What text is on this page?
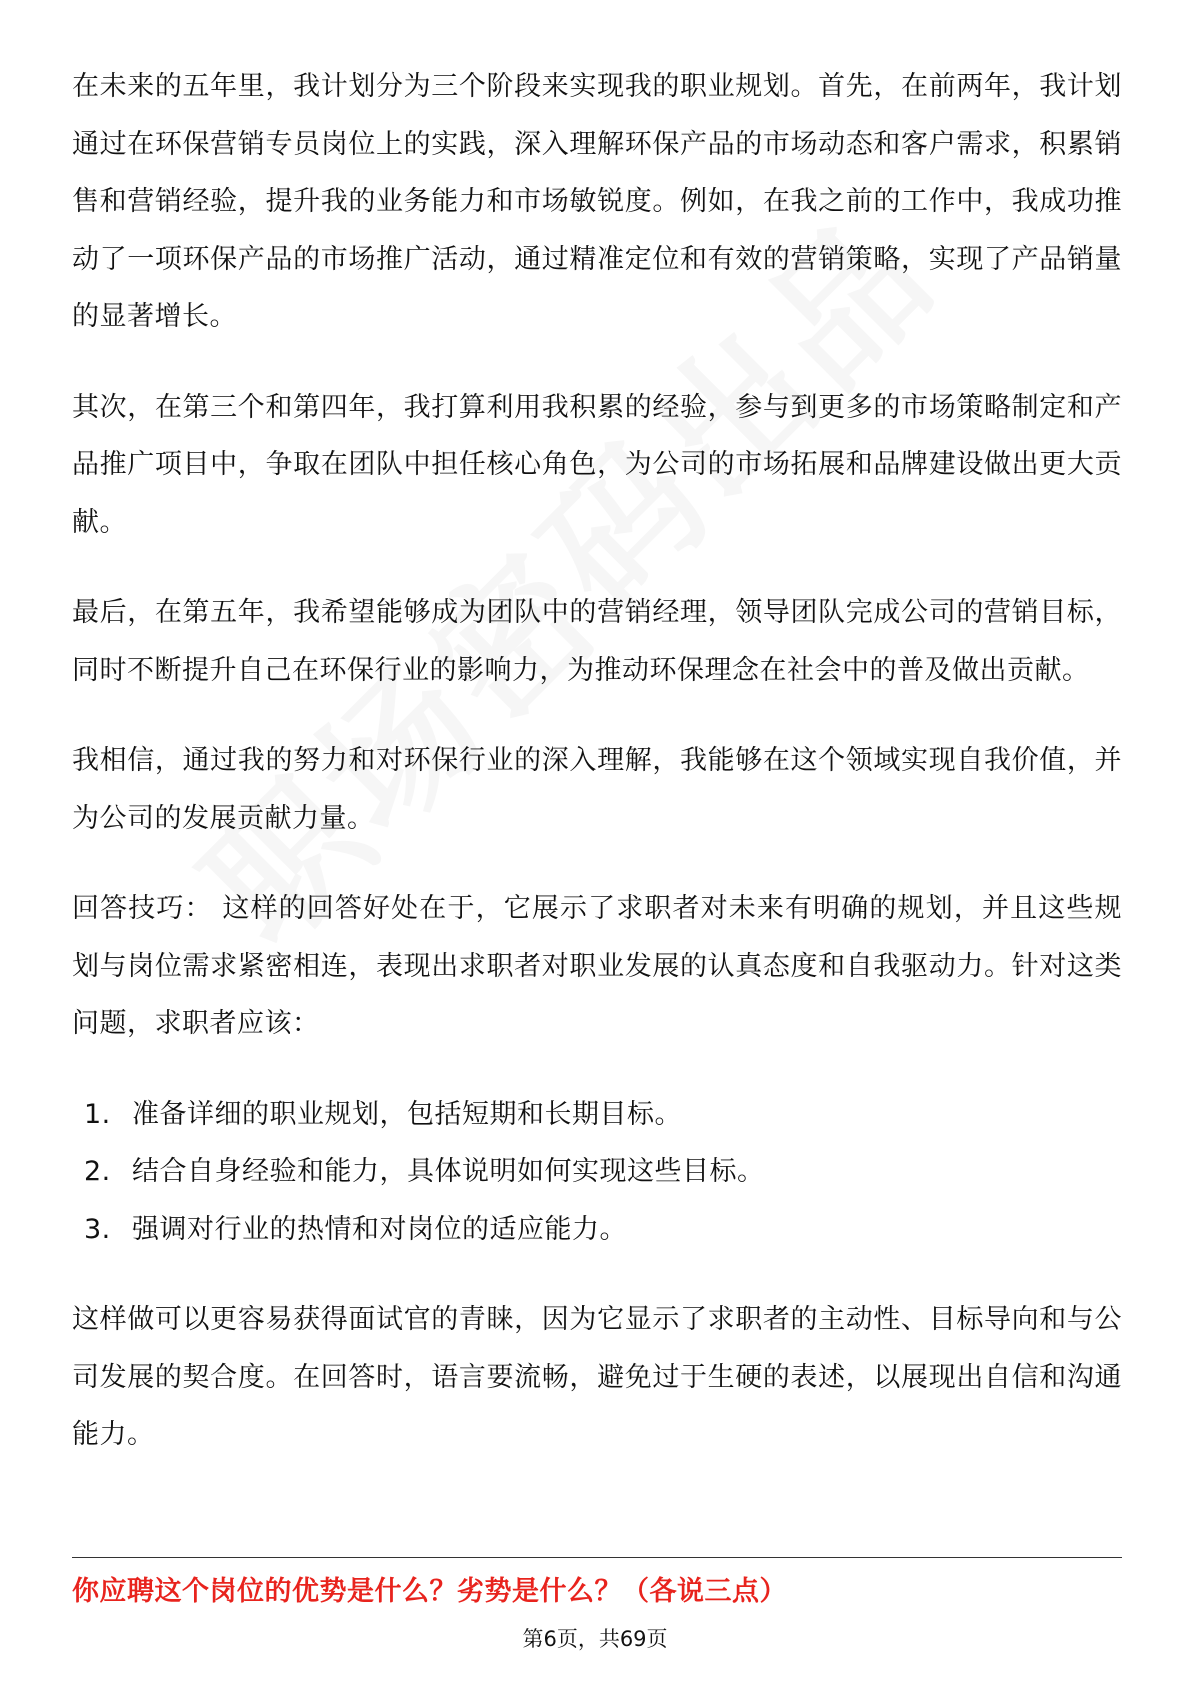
在未来的五年里，我计划分为三个阶段来实现我的职业规划。首先，在前两年，我计划通过在环保营销专员岗位上的实践，深入理解环保产品的市场动态和客户需求，积累销售和营销经验，提升我的业务能力和市场敏锐度。例如，在我之前的工作中，我成功推动了一项环保产品的市场推广活动，通过精准定位和有效的营销策略，实现了产品销量的显著增长。

其次，在第三个和第四年，我打算利用我积累的经验，参与到更多的市场策略制定和产品推广项目中，争取在团队中担任核心角色，为公司的市场拓展和品牌建设做出更大贡献。

最后，在第五年，我希望能够成为团队中的营销经理，领导团队完成公司的营销目标，同时不断提升自己在环保行业的影响力，为推动环保理念在社会中的普及做出贡献。

我相信，通过我的努力和对环保行业的深入理解，我能够在这个领域实现自我价值，并为公司的发展贡献力量。

回答技巧： 这样的回答好处在于，它展示了求职者对未来有明确的规划，并且这些规划与岗位需求紧密相连，表现出求职者对职业发展的认真态度和自我驱动力。针对这类问题，求职者应该：

1. 准备详细的职业规划，包括短期和长期目标。
2. 结合自身经验和能力，具体说明如何实现这些目标。
3. 强调对行业的热情和对岗位的适应能力。

这样做可以更容易获得面试官的青睐，因为它显示了求职者的主动性、目标导向和与公司发展的契合度。在回答时，语言要流畅，避免过于生硬的表述，以展现出自信和沟通能力。

你应聘这个岗位的优势是什么？劣势是什么？（各说三点）
第6页，共69页
